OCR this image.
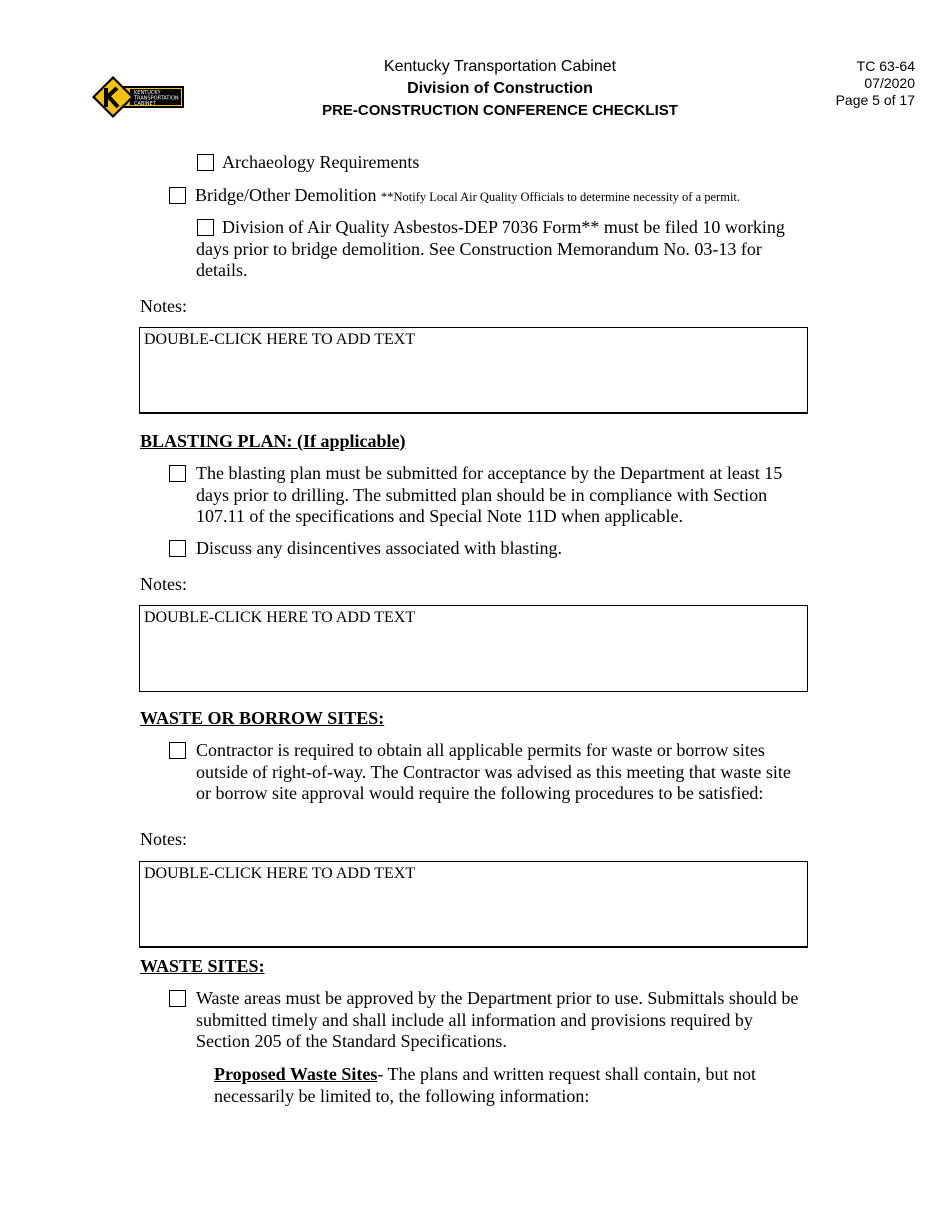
KENTUCKY
TRANSPORTATION
CABINET
Kentucky Transportation Cabinet
Division of Construction
PRE-CONSTRUCTION CONFERENCE CHECKLIST
TC 63-64
07/2020
Page 5 of 17
Archaeology Requirements
Bridge/Other Demolition **Notify Local Air Quality Officials to determine necessity of a permit.
Division of Air Quality Asbestos-DEP 7036 Form** must be filed 10 working days prior to bridge demolition. See Construction Memorandum No. 03-13 for details.
Notes:
DOUBLE-CLICK HERE TO ADD TEXT
BLASTING PLAN: (If applicable)
The blasting plan must be submitted for acceptance by the Department at least 15 days prior to drilling. The submitted plan should be in compliance with Section 107.11 of the specifications and Special Note 11D when applicable.
Discuss any disincentives associated with blasting.
Notes:
DOUBLE-CLICK HERE TO ADD TEXT
WASTE OR BORROW SITES:
Contractor is required to obtain all applicable permits for waste or borrow sites outside of right-of-way. The Contractor was advised as this meeting that waste site or borrow site approval would require the following procedures to be satisfied:
Notes:
DOUBLE-CLICK HERE TO ADD TEXT
WASTE SITES:
Waste areas must be approved by the Department prior to use. Submittals should be submitted timely and shall include all information and provisions required by Section 205 of the Standard Specifications.
Proposed Waste Sites- The plans and written request shall contain, but not necessarily be limited to, the following information:
